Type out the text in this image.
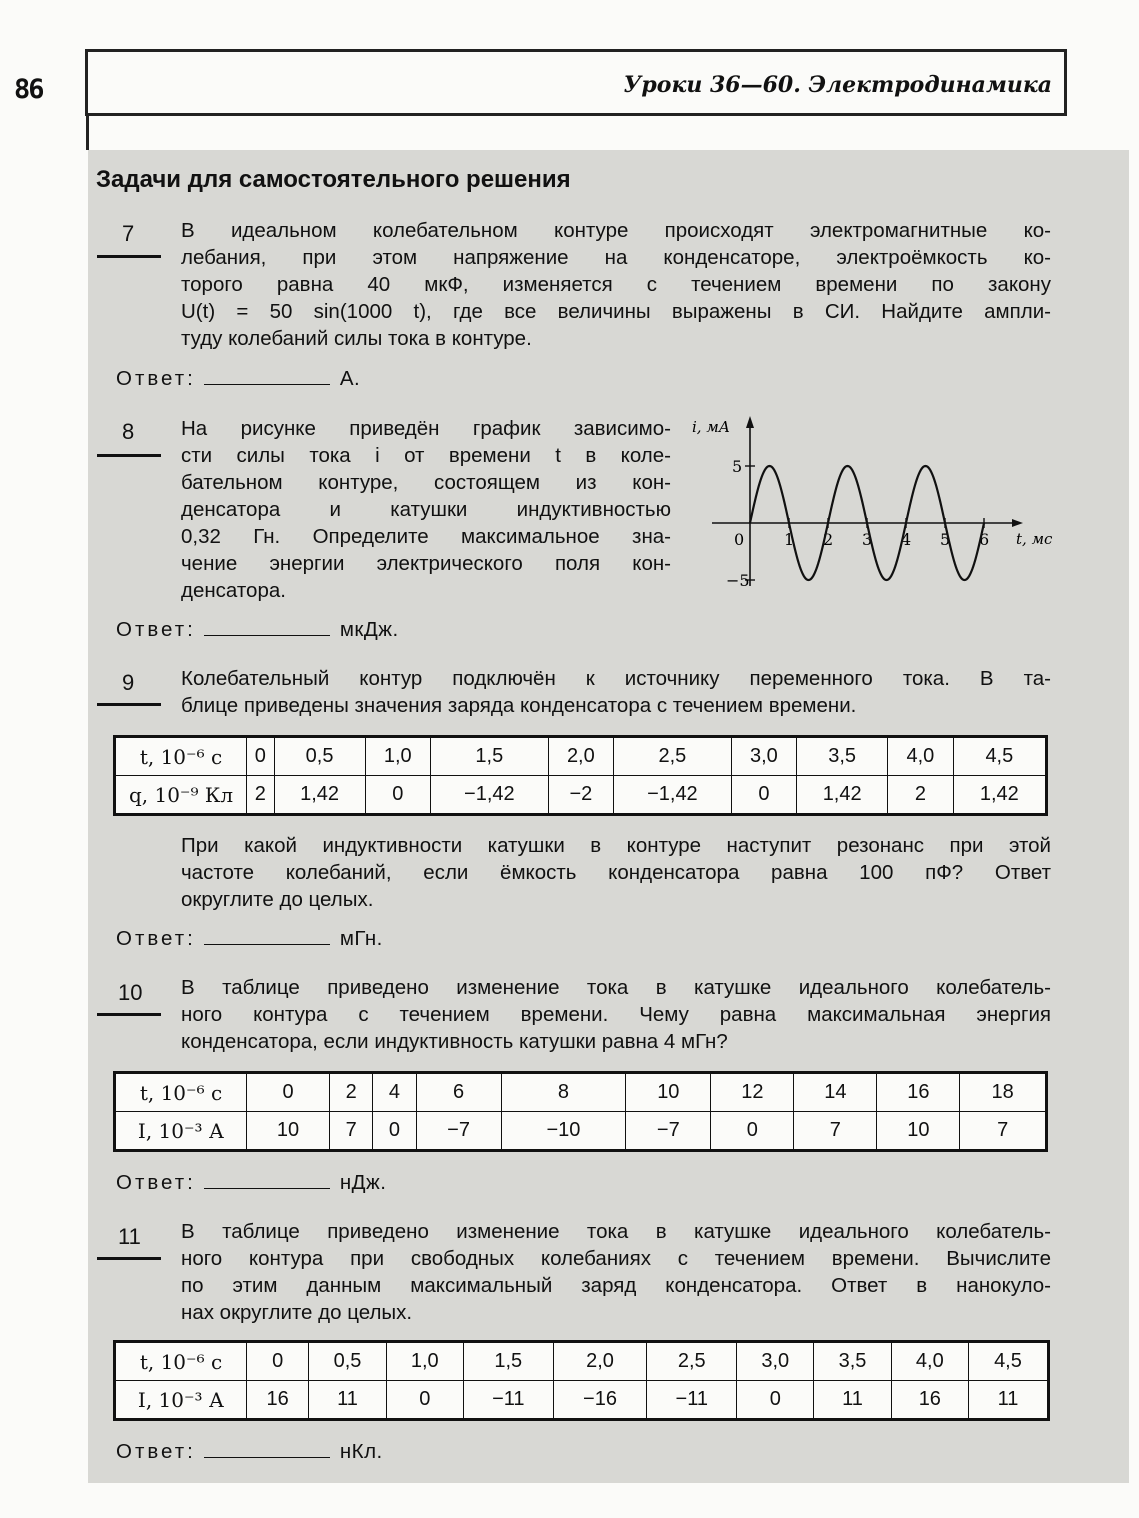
86	Уроки 36—60. Электродинамика
Задачи для самостоятельного решения
7	В идеальном колебательном контуре происходят электромагнитные ко-
лебания, при этом напряжение на конденсаторе, электроёмкость ко-
торого равна 40 мкФ, изменяется с течением времени по закону
U(t) = 50 sin(1000 t), где все величины выражены в СИ. Найдите ампли-
туду колебаний силы тока в контуре.
Ответ:	А.
8	На рисунке приведён график зависимо-
сти силы тока i от времени t в коле-
бательном контуре, состоящем из кон-
денсатора и катушки индуктивностью
0,32 Гн. Определите максимальное зна-
чение энергии электрического поля кон-
денсатора.
i, мА
t, мс
0 1 2 3 4 5 6
5
−5
Ответ:	мкДж.
9	Колебательный контур подключён к источнику переменного тока. В та-
блице приведены значения заряда конденсатора с течением времени.
t, 10⁻⁶ с	0	0,5	1,0	1,5	2,0	2,5	3,0	3,5	4,0	4,5
q, 10⁻⁹ Кл	2	1,42	0	−1,42	−2	−1,42	0	1,42	2	1,42
При какой индуктивности катушки в контуре наступит резонанс при этой
частоте колебаний, если ёмкость конденсатора равна 100 пФ? Ответ
округлите до целых.
Ответ:	мГн.
10	В таблице приведено изменение тока в катушке идеального колебатель-
ного контура с течением времени. Чему равна максимальная энергия
конденсатора, если индуктивность катушки равна 4 мГн?
t, 10⁻⁶ с	0	2	4	6	8	10	12	14	16	18
I, 10⁻³ А	10	7	0	−7	−10	−7	0	7	10	7
Ответ:	нДж.
11	В таблице приведено изменение тока в катушке идеального колебатель-
ного контура при свободных колебаниях с течением времени. Вычислите
по этим данным максимальный заряд конденсатора. Ответ в нанокуло-
нах округлите до целых.
t, 10⁻⁶ с	0	0,5	1,0	1,5	2,0	2,5	3,0	3,5	4,0	4,5
I, 10⁻³ А	16	11	0	−11	−16	−11	0	11	16	11
Ответ:	нКл.
